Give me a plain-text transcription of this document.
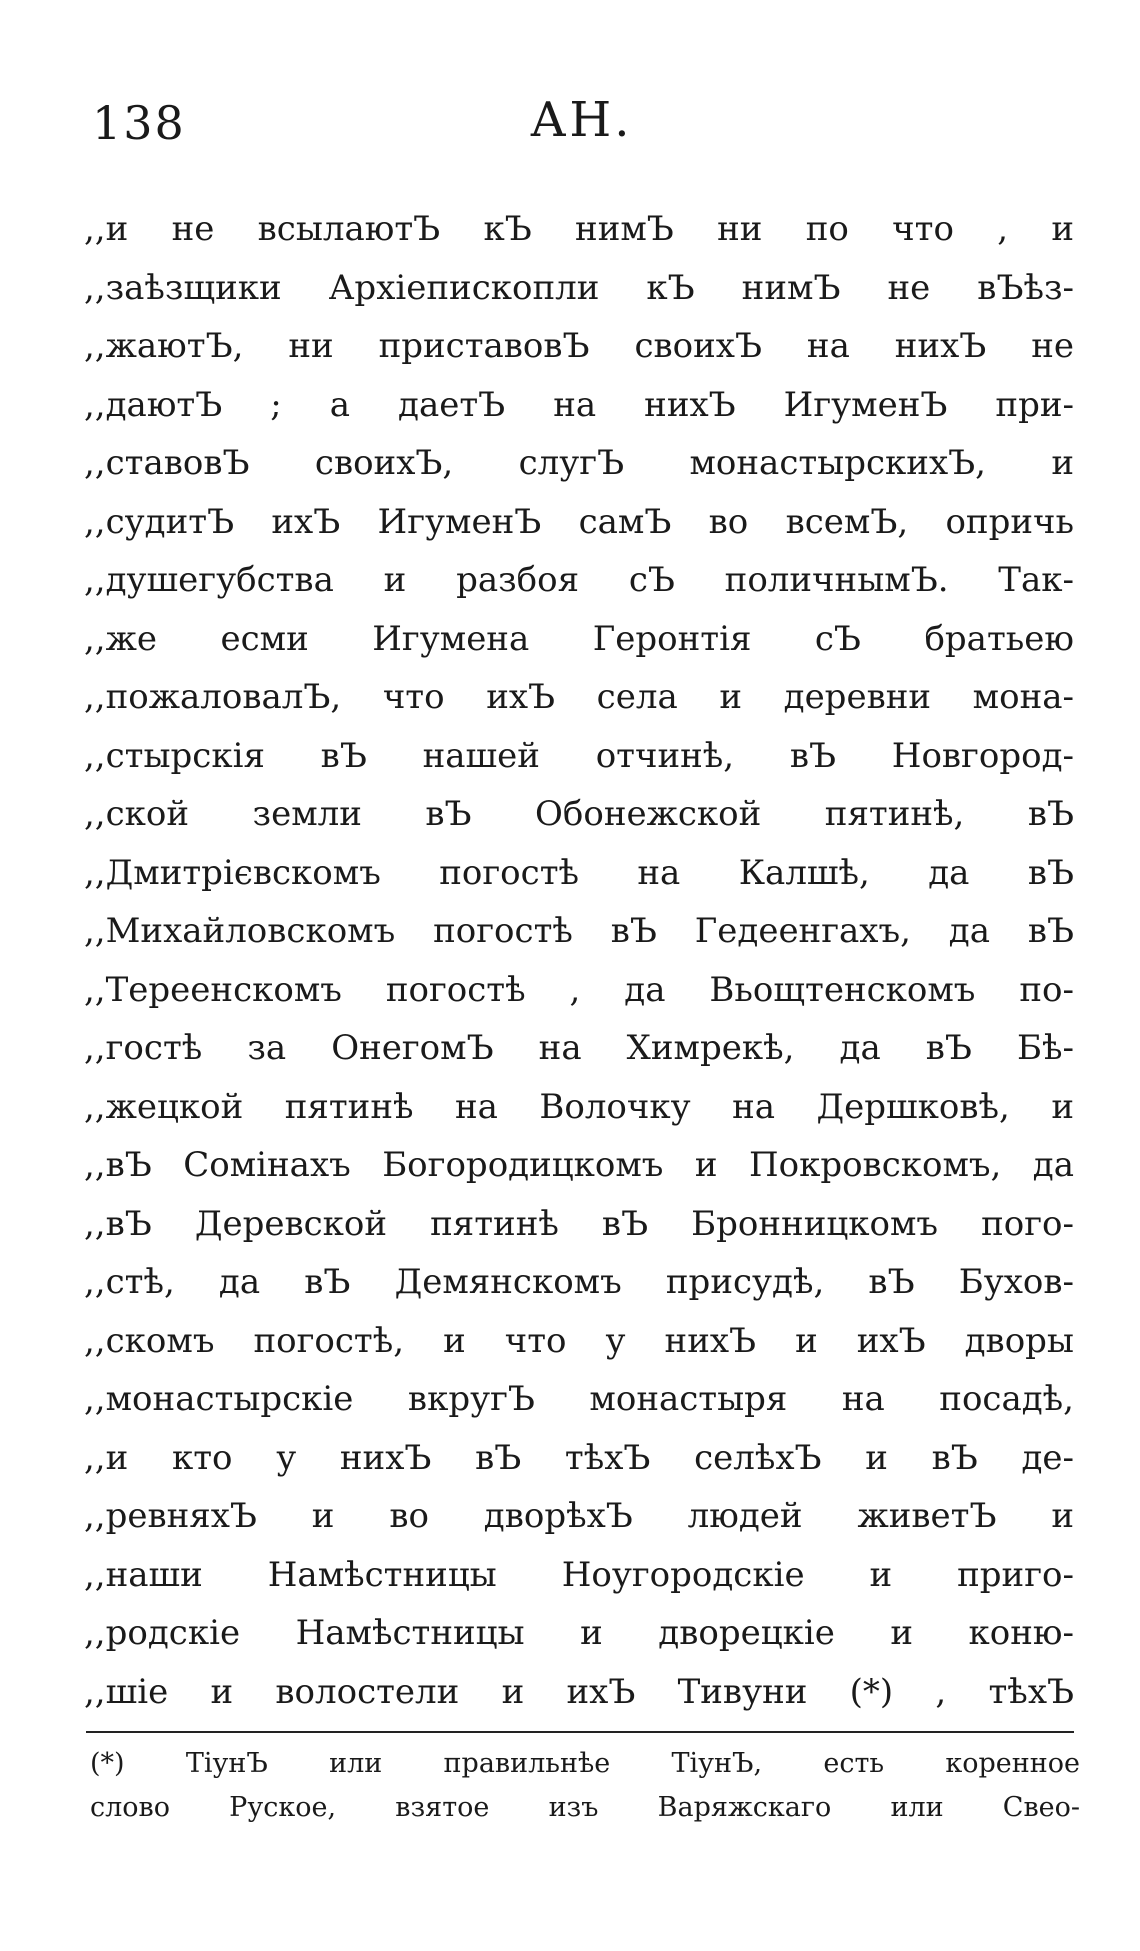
138	АН.
,,и не всылаютЪ кЪ нимЪ ни по что , и
,,заѣзщики Архіепископли кЪ нимЪ не вЪѣз-
,,жаютЪ, ни приставовЪ своихЪ на нихЪ не
,,даютЪ ; а даетЪ на нихЪ ИгуменЪ при-
,,ставовЪ своихЪ, слугЪ монастырскихЪ, и
,,судитЪ ихЪ ИгуменЪ самЪ во всемЪ, опричь
,,душегубства и разбоя сЪ поличнымЪ. Так-
,,же есми Игумена Геронтія сЪ братьею
,,пожаловалЪ, что ихЪ села и деревни мона-
,,стырскія вЪ нашей отчинѣ, вЪ Новгород-
,,ской земли вЪ Обонежской пятинѣ, вЪ
,,Дмитрієвскомъ погостѣ на Калшѣ, да вЪ
,,Михайловскомъ погостѣ вЪ Гедеенгахъ, да вЪ
,,Тереенскомъ погостѣ , да Вьощтенскомъ по-
,,гостѣ за ОнегомЪ на Химрекѣ, да вЪ Бѣ-
,,жецкой пятинѣ на Волочку на Дершковѣ, и
,,вЪ Сомінахъ Богородицкомъ и Покровскомъ, да
,,вЪ Деревской пятинѣ вЪ Бронницкомъ пого-
,,стѣ, да вЪ Демянскомъ присудѣ, вЪ Бухов-
,,скомъ погостѣ, и что у нихЪ и ихЪ дворы
,,монастырскіе вкругЪ монастыря на посадѣ,
,,и кто у нихЪ вЪ тѣхЪ селѣхЪ и вЪ де-
,,ревняхЪ и во дворѣхЪ людей живетЪ и
,,наши Намѣстницы Ноугородскіе и приго-
,,родскіе Намѣстницы и дворецкіе и коню-
,,шіе и волостели и ихЪ Тивуни (*) , тѣхЪ
(*) ТіунЪ или правильнѣе ТіунЪ, есть коренное
слово Руское, взятое изъ Варяжскаго или Свео-
